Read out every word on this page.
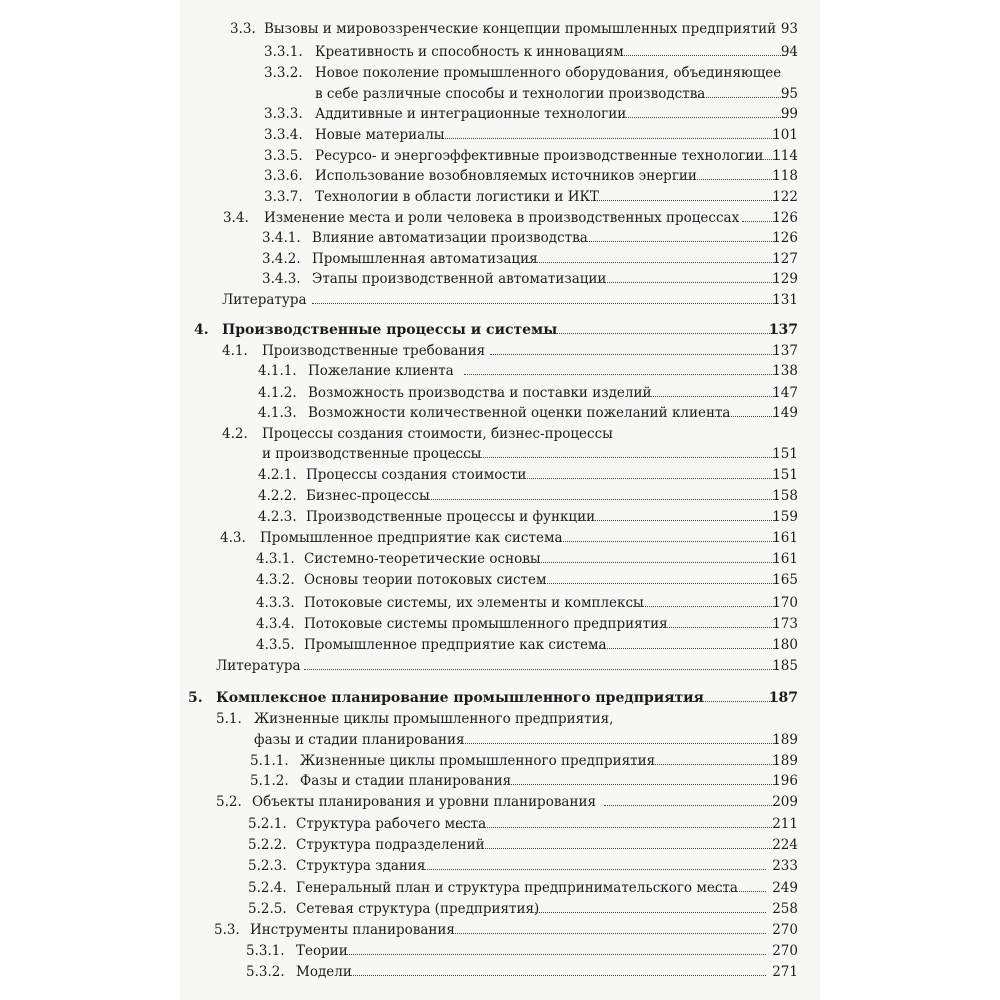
3.3. Вызовы и мировоззренческие концепции промышленных предприятий 93
3.3.1. Креативность и способность к инновациям	94
3.3.2. Новое поколение промышленного оборудования, объединяющее
в себе различные способы и технологии производства	95
3.3.3. Аддитивные и интеграционные технологии	99
3.3.4. Новые материалы	101
3.3.5. Ресурсо- и энергоэффективные производственные технологии 114
3.3.6. Использование возобновляемых источников энергии	118
3.3.7. Технологии в области логистики и ИКТ	122
3.4. Изменение места и роли человека в производственных процессах 126
3.4.1. Влияние автоматизации производства	126
3.4.2. Промышленная автоматизация	127
3.4.3. Этапы производственной автоматизации	129
Литература	131
4. Производственные процессы и системы	137
4.1. Производственные требования	137
4.1.1. Пожелание клиента	138
4.1.2. Возможность производства и поставки изделий	147
4.1.3. Возможности количественной оценки пожеланий клиента	149
4.2. Процессы создания стоимости, бизнес-процессы
и производственные процессы	151
4.2.1. Процессы создания стоимости	151
4.2.2. Бизнес-процессы	158
4.2.3. Производственные процессы и функции	159
4.3. Промышленное предприятие как система	161
4.3.1. Системно-теоретические основы	161
4.3.2. Основы теории потоковых систем	165
4.3.3. Потоковые системы, их элементы и комплексы	170
4.3.4. Потоковые системы промышленного предприятия	173
4.3.5. Промышленное предприятие как система	180
Литература	185
5. Комплексное планирование промышленного предприятия	187
5.1. Жизненные циклы промышленного предприятия,
фазы и стадии планирования	189
5.1.1. Жизненные циклы промышленного предприятия	189
5.1.2. Фазы и стадии планирования	196
5.2. Объекты планирования и уровни планирования	209
5.2.1. Структура рабочего места	211
5.2.2. Структура подразделений	224
5.2.3. Структура здания	233
5.2.4. Генеральный план и структура предпринимательского места	249
5.2.5. Сетевая структура (предприятия)	258
5.3. Инструменты планирования	270
5.3.1. Теории	270
5.3.2. Модели	271
